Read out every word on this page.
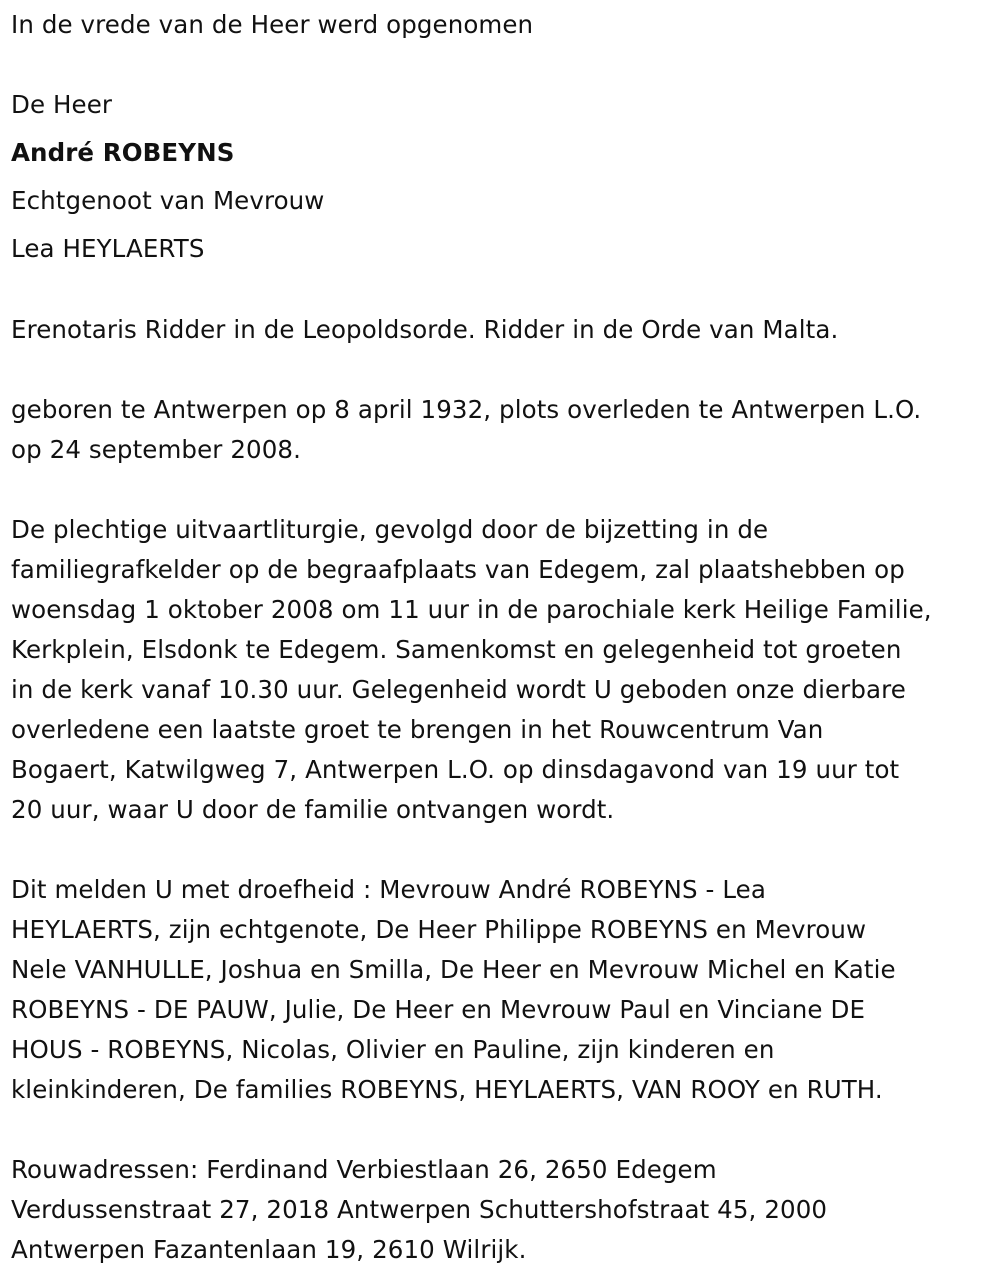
In de vrede van de Heer werd opgenomen
De Heer
André ROBEYNS
Echtgenoot van Mevrouw
Lea HEYLAERTS
Erenotaris Ridder in de Leopoldsorde. Ridder in de Orde van Malta.
geboren te Antwerpen op 8 april 1932, plots overleden te Antwerpen L.O.
op 24 september 2008.
De plechtige uitvaartliturgie, gevolgd door de bijzetting in de
familiegrafkelder op de begraafplaats van Edegem, zal plaatshebben op
woensdag 1 oktober 2008 om 11 uur in de parochiale kerk Heilige Familie,
Kerkplein, Elsdonk te Edegem. Samenkomst en gelegenheid tot groeten
in de kerk vanaf 10.30 uur. Gelegenheid wordt U geboden onze dierbare
overledene een laatste groet te brengen in het Rouwcentrum Van
Bogaert, Katwilgweg 7, Antwerpen L.O. op dinsdagavond van 19 uur tot
20 uur, waar U door de familie ontvangen wordt.
Dit melden U met droefheid : Mevrouw André ROBEYNS - Lea
HEYLAERTS, zijn echtgenote, De Heer Philippe ROBEYNS en Mevrouw
Nele VANHULLE, Joshua en Smilla, De Heer en Mevrouw Michel en Katie
ROBEYNS - DE PAUW, Julie, De Heer en Mevrouw Paul en Vinciane DE
HOUS - ROBEYNS, Nicolas, Olivier en Pauline, zijn kinderen en
kleinkinderen, De families ROBEYNS, HEYLAERTS, VAN ROOY en RUTH.
Rouwadressen: Ferdinand Verbiestlaan 26, 2650 Edegem
Verdussenstraat 27, 2018 Antwerpen Schuttershofstraat 45, 2000
Antwerpen Fazantenlaan 19, 2610 Wilrijk.
